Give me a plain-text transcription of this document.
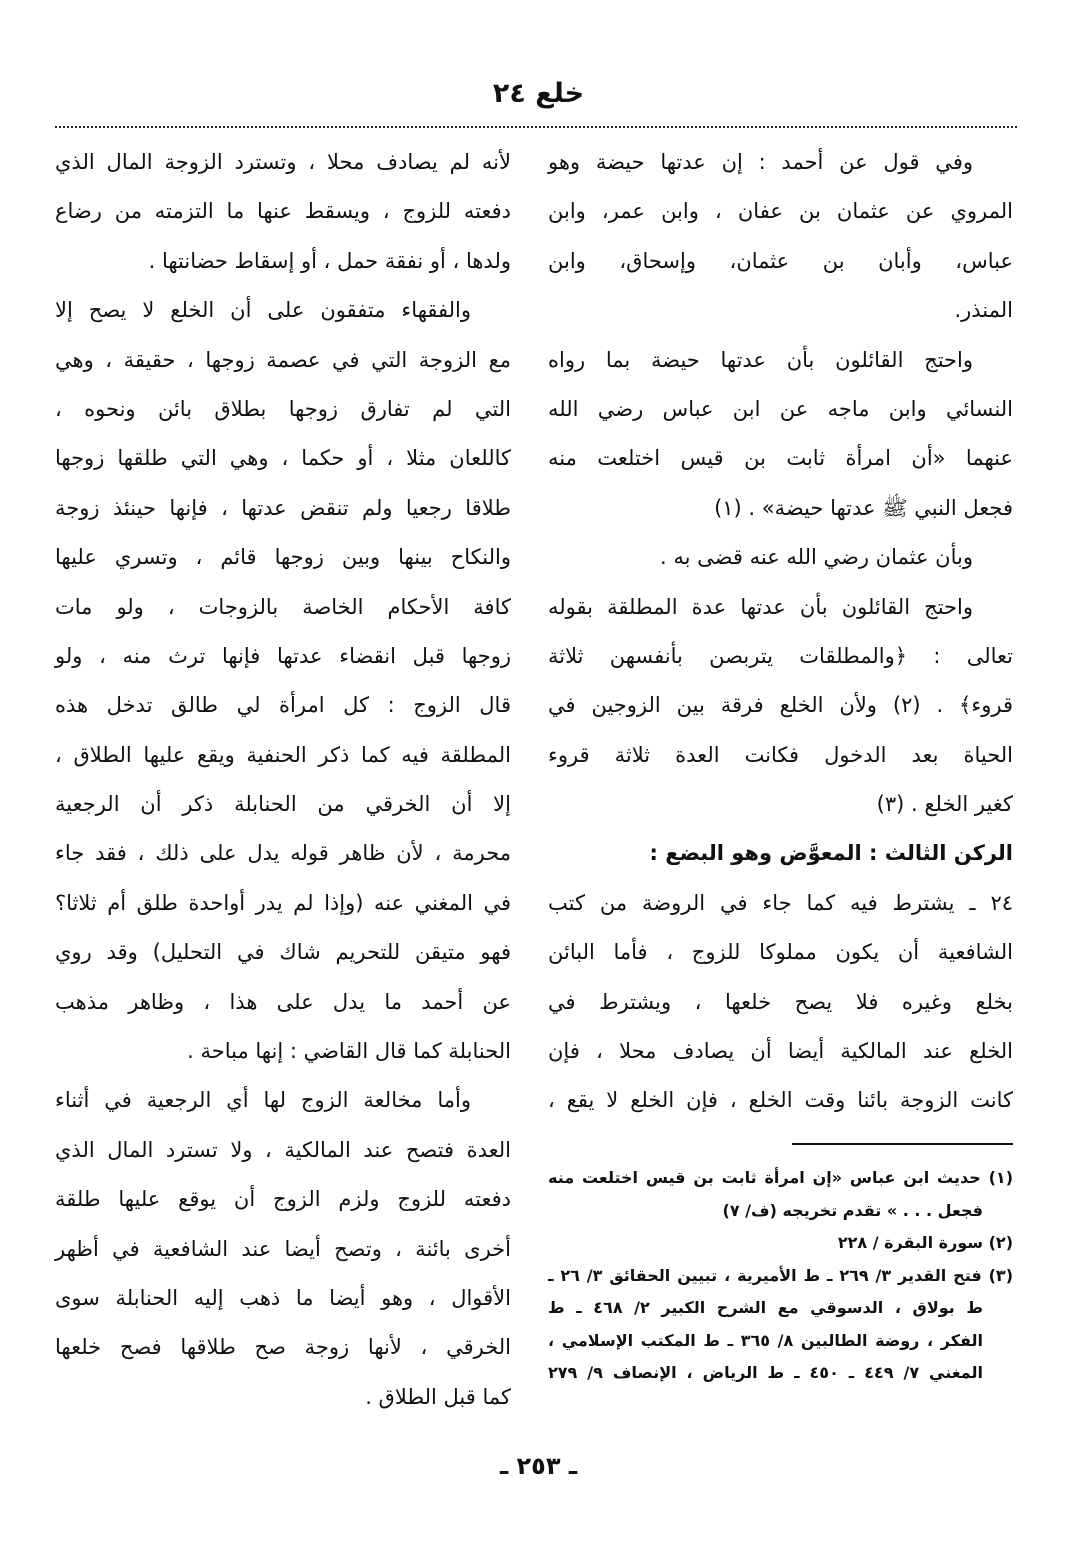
خلع ٢٤
وفي قول عن أحمد : إن عدتها حيضة وهو
المروي عن عثمان بن عفان ، وابن عمر، وابن
عباس، وأبان بن عثمان، وإسحاق، وابن
المنذر.
واحتج القائلون بأن عدتها حيضة بما رواه
النسائي وابن ماجه عن ابن عباس رضي الله
عنهما «أن امرأة ثابت بن قيس اختلعت منه
فجعل النبي ﷺ عدتها حيضة» . (١)
وبأن عثمان رضي الله عنه قضى به .
واحتج القائلون بأن عدتها عدة المطلقة بقوله
تعالى : ﴿والمطلقات يتربصن بأنفسهن ثلاثة
قروء﴾ . (٢) ولأن الخلع فرقة بين الزوجين في
الحياة بعد الدخول فكانت العدة ثلاثة قروء
كغير الخلع . (٣)
الركن الثالث : المعوَّض وهو البضع :
٢٤ ـ يشترط فيه كما جاء في الروضة من كتب
الشافعية أن يكون مملوكا للزوج ، فأما البائن
بخلع وغيره فلا يصح خلعها ، ويشترط في
الخلع عند المالكية أيضا أن يصادف محلا ، فإن
كانت الزوجة بائنا وقت الخلع ، فإن الخلع لا يقع ،
لأنه لم يصادف محلا ، وتسترد الزوجة المال الذي
دفعته للزوج ، ويسقط عنها ما التزمته من رضاع
ولدها ، أو نفقة حمل ، أو إسقاط حضانتها .
والفقهاء متفقون على أن الخلع لا يصح إلا
مع الزوجة التي في عصمة زوجها ، حقيقة ، وهي
التي لم تفارق زوجها بطلاق بائن ونحوه ،
كاللعان مثلا ، أو حكما ، وهي التي طلقها زوجها
طلاقا رجعيا ولم تنقض عدتها ، فإنها حينئذ زوجة
والنكاح بينها وبين زوجها قائم ، وتسري عليها
كافة الأحكام الخاصة بالزوجات ، ولو مات
زوجها قبل انقضاء عدتها فإنها ترث منه ، ولو
قال الزوج : كل امرأة لي طالق تدخل هذه
المطلقة فيه كما ذكر الحنفية ويقع عليها الطلاق ،
إلا أن الخرقي من الحنابلة ذكر أن الرجعية
محرمة ، لأن ظاهر قوله يدل على ذلك ، فقد جاء
في المغني عنه (وإذا لم يدر أواحدة طلق أم ثلاثا؟
فهو متيقن للتحريم شاك في التحليل) وقد روي
عن أحمد ما يدل على هذا ، وظاهر مذهب
الحنابلة كما قال القاضي : إنها مباحة .
وأما مخالعة الزوج لها أي الرجعية في أثناء
العدة فتصح عند المالكية ، ولا تسترد المال الذي
دفعته للزوج ولزم الزوج أن يوقع عليها طلقة
أخرى بائنة ، وتصح أيضا عند الشافعية في أظهر
الأقوال ، وهو أيضا ما ذهب إليه الحنابلة سوى
الخرقي ، لأنها زوجة صح طلاقها فصح خلعها
كما قبل الطلاق .
(١) حديث ابن عباس «إن امرأة ثابت بن قيس اختلعت منه
فجعل . . . » تقدم تخريجه (ف/ ٧)
(٢) سورة البقرة / ٢٢٨
(٣) فتح القدير ٣/ ٢٦٩ ـ ط الأميرية ، تبيين الحقائق ٣/ ٢٦ ـ
ط بولاق ، الدسوقي مع الشرح الكبير ٢/ ٤٦٨ ـ ط
الفكر ، روضة الطالبين ٨/ ٣٦٥ ـ ط المكتب الإسلامي ،
المغني ٧/ ٤٤٩ ـ ٤٥٠ ـ ط الرياض ، الإنصاف ٩/ ٢٧٩
ـ ٢٥٣ ـ
